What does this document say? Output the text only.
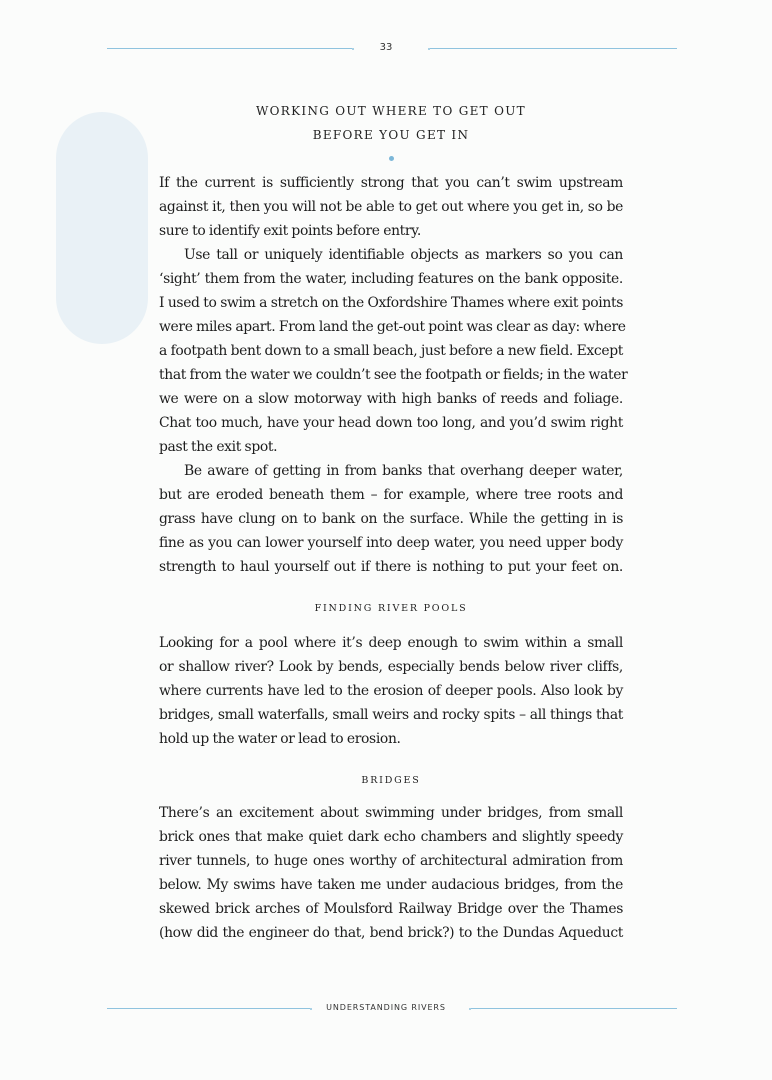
33
WORKING OUT WHERE TO GET OUT
BEFORE YOU GET IN
If the current is sufficiently strong that you can’t swim upstream
against it, then you will not be able to get out where you get in, so be
sure to identify exit points before entry.
Use tall or uniquely identifiable objects as markers so you can
‘sight’ them from the water, including features on the bank opposite.
I used to swim a stretch on the Oxfordshire Thames where exit points
were miles apart. From land the get-out point was clear as day: where
a footpath bent down to a small beach, just before a new field. Except
that from the water we couldn’t see the footpath or fields; in the water
we were on a slow motorway with high banks of reeds and foliage.
Chat too much, have your head down too long, and you’d swim right
past the exit spot.
Be aware of getting in from banks that overhang deeper water,
but are eroded beneath them – for example, where tree roots and
grass have clung on to bank on the surface. While the getting in is
fine as you can lower yourself into deep water, you need upper body
strength to haul yourself out if there is nothing to put your feet on.
FINDING RIVER POOLS
Looking for a pool where it’s deep enough to swim within a small
or shallow river? Look by bends, especially bends below river cliffs,
where currents have led to the erosion of deeper pools. Also look by
bridges, small waterfalls, small weirs and rocky spits – all things that
hold up the water or lead to erosion.
BRIDGES
There’s an excitement about swimming under bridges, from small
brick ones that make quiet dark echo chambers and slightly speedy
river tunnels, to huge ones worthy of architectural admiration from
below. My swims have taken me under audacious bridges, from the
skewed brick arches of Moulsford Railway Bridge over the Thames
(how did the engineer do that, bend brick?) to the Dundas Aqueduct
UNDERSTANDING RIVERS
